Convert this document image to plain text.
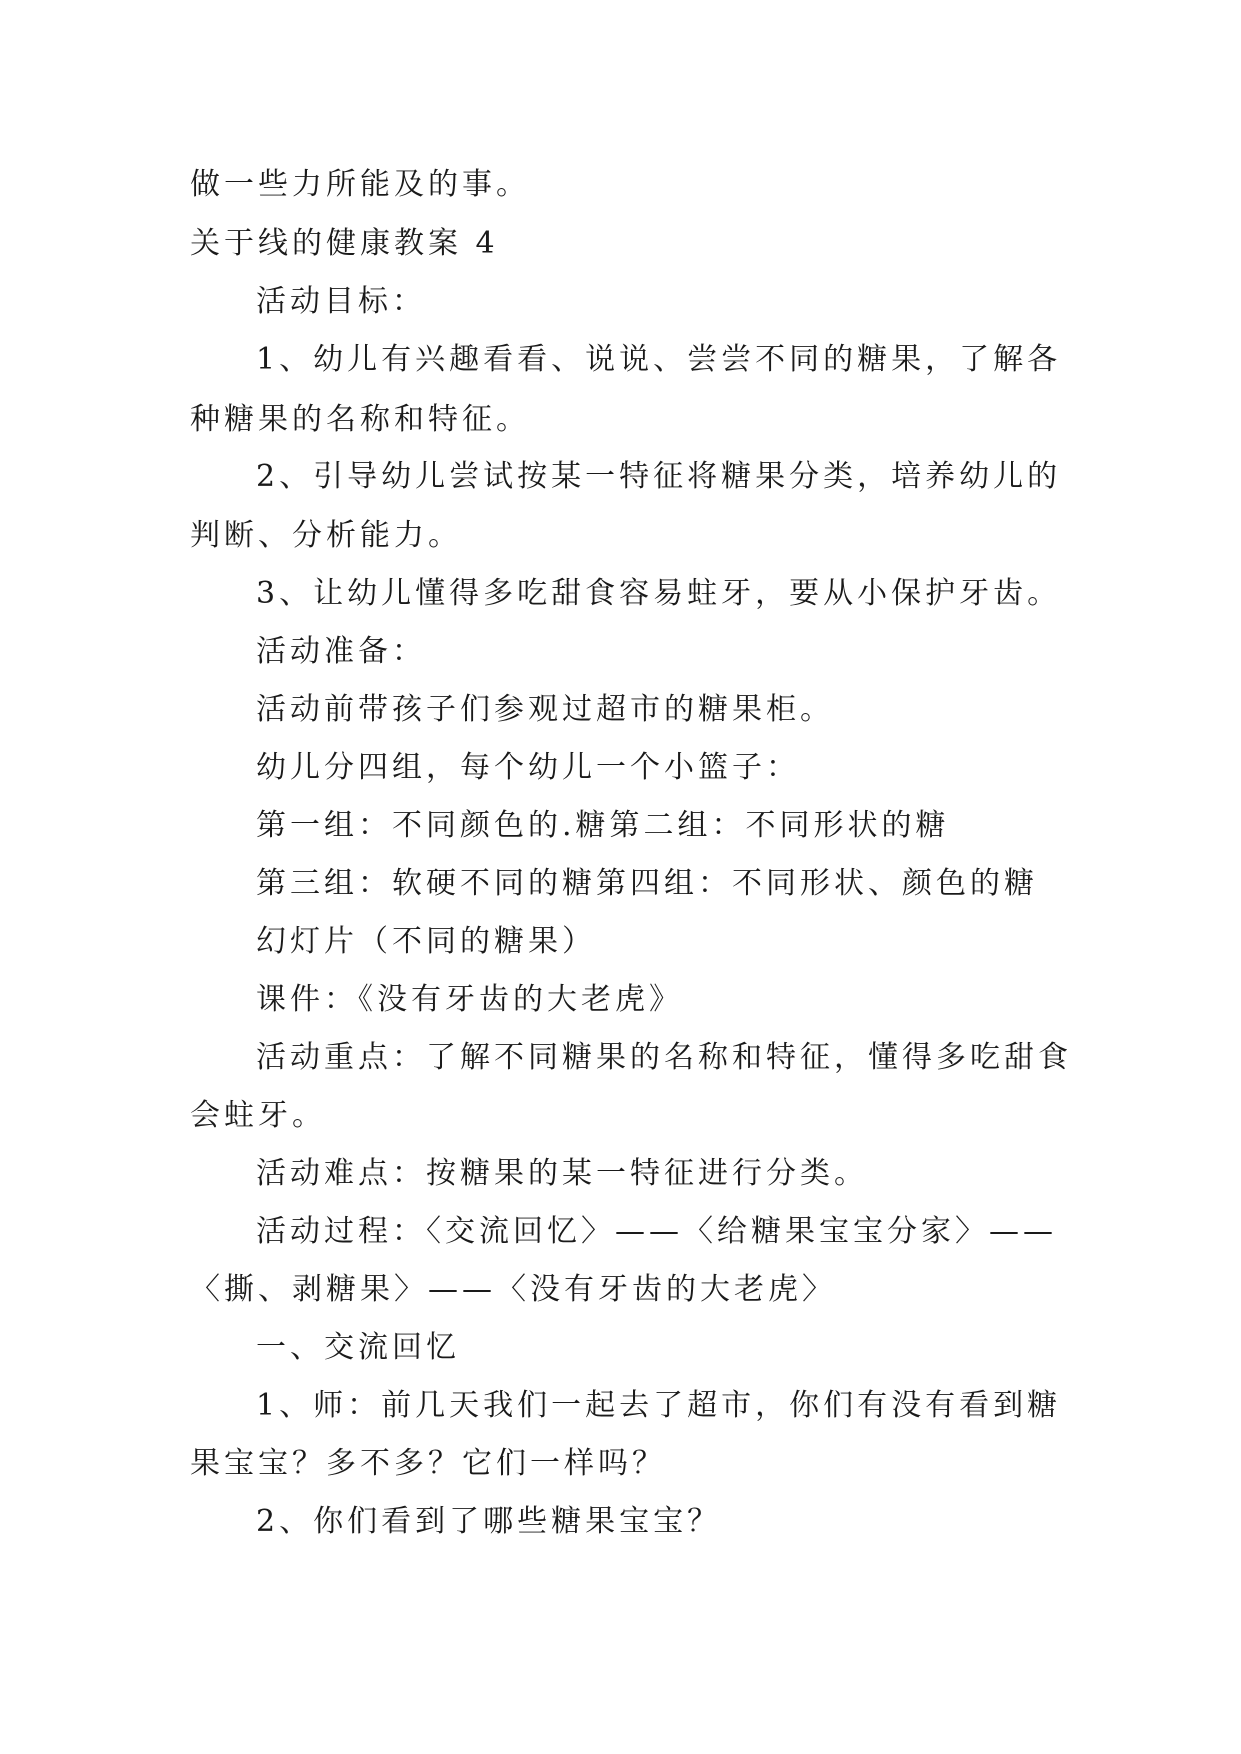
做一些力所能及的事。
关于线的健康教案 4
活动目标：
1、幼儿有兴趣看看、说说、尝尝不同的糖果，了解各
种糖果的名称和特征。
2、引导幼儿尝试按某一特征将糖果分类，培养幼儿的
判断、分析能力。
3、让幼儿懂得多吃甜食容易蛀牙，要从小保护牙齿。
活动准备：
活动前带孩子们参观过超市的糖果柜。
幼儿分四组，每个幼儿一个小篮子：
第一组：不同颜色的.糖第二组：不同形状的糖
第三组：软硬不同的糖第四组：不同形状、颜色的糖
幻灯片（不同的糖果）
课件：《没有牙齿的大老虎》
活动重点：了解不同糖果的名称和特征，懂得多吃甜食
会蛀牙。
活动难点：按糖果的某一特征进行分类。
活动过程：〈交流回忆〉——〈给糖果宝宝分家〉——
〈撕、剥糖果〉——〈没有牙齿的大老虎〉
一、交流回忆
1、师：前几天我们一起去了超市，你们有没有看到糖
果宝宝？多不多？它们一样吗？
2、你们看到了哪些糖果宝宝？
